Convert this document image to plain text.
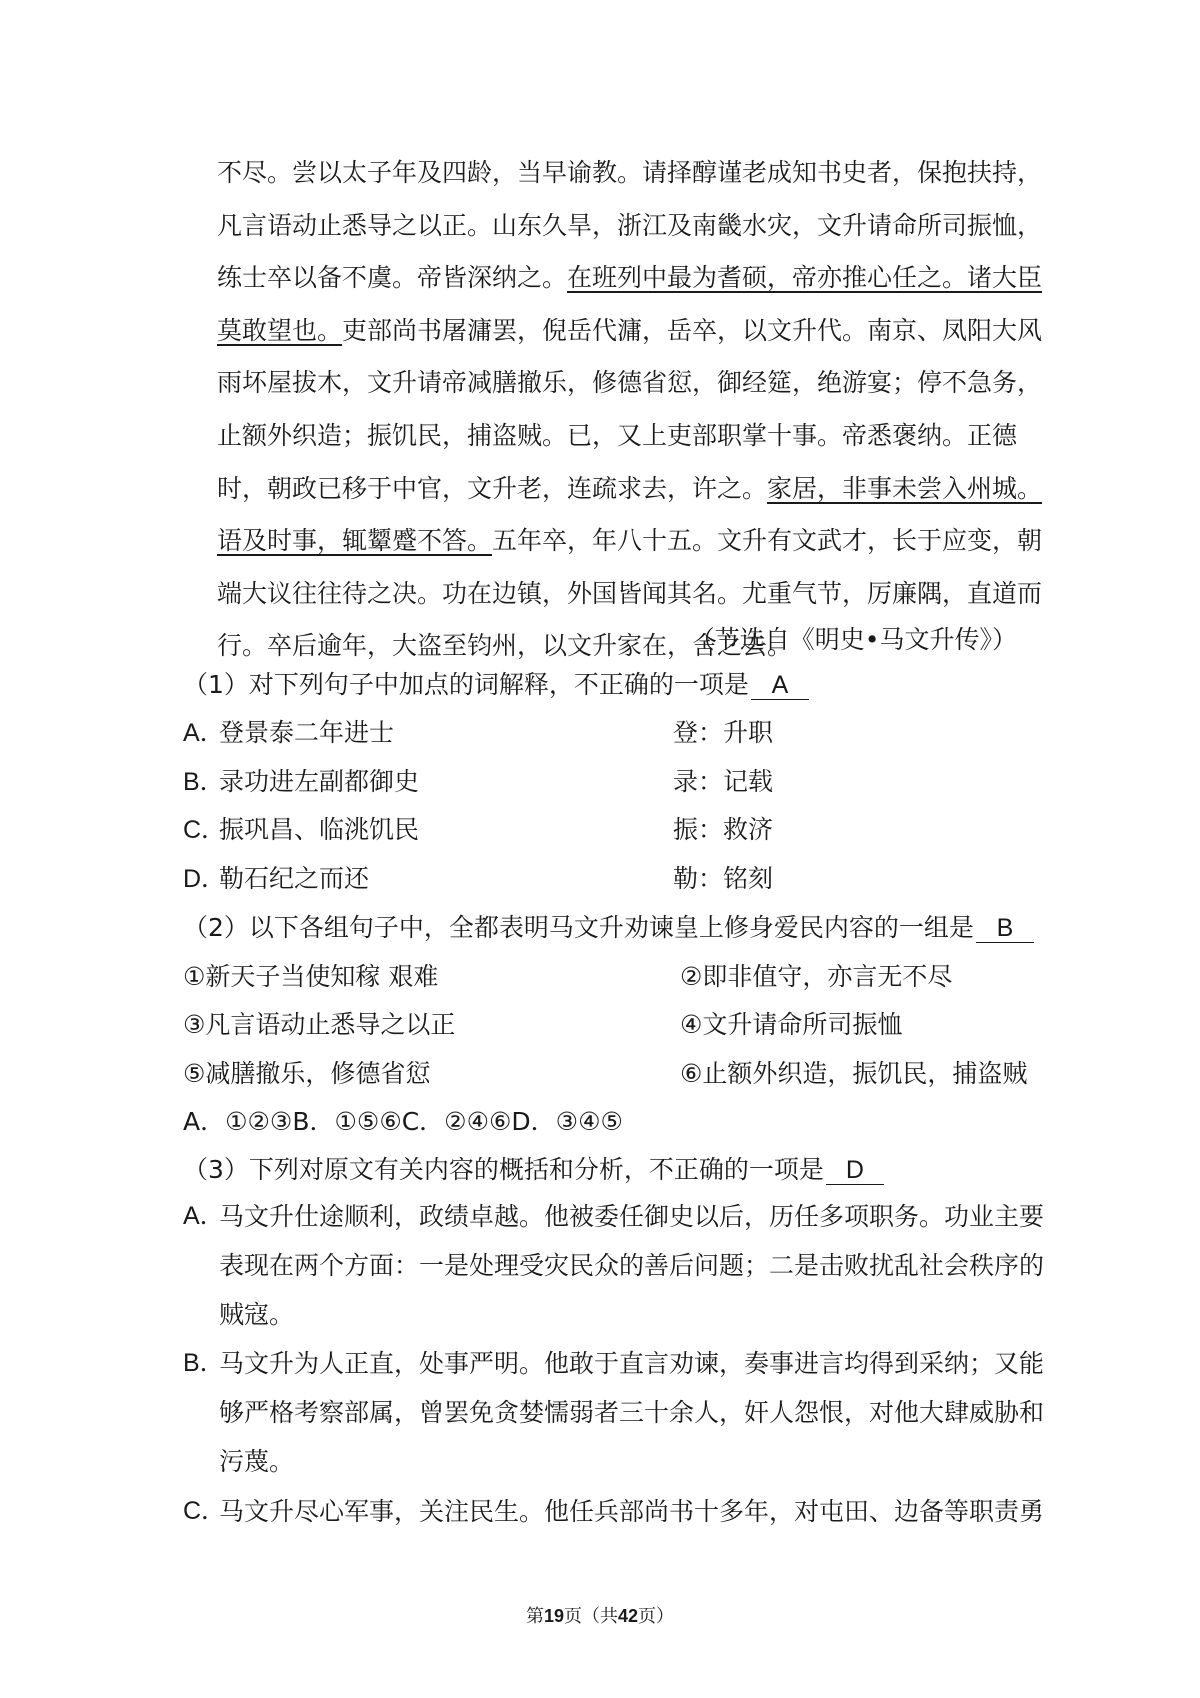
不尽。尝以太子年及四龄，当早谕教。请择醇谨老成知书史者，保抱扶持，
凡言语动止悉导之以正。山东久旱，浙江及南畿水灾，文升请命所司振恤，
练士卒以备不虞。帝皆深纳之。 在班列中最为耆硕，帝亦推心任之。诸大臣
莫敢望也。 吏部尚书屠滽罢，倪岳代滽，岳卒，以文升代。南京、凤阳大风
雨坏屋拔木，文升请帝减膳撤乐，修德省愆，御经筵，绝游宴；停不急务，
止额外织造；振饥民，捕盗贼。已，又上吏部职掌十事。帝悉褒纳。正德
时，朝政已移于中官，文升老，连疏求去，许之。 家居，非事未尝入州城。
语及时事，辄颦蹙不答。 五年卒，年八十五。文升有文武才，长于应变，朝
端大议往往待之决。功在边镇，外国皆闻其名。尤重气节，厉廉隅，直道而
行。卒后逾年，大盗至钧州，以文升家在，舍之去。
（节选自《明史•马文升传》）
（1）对下列句子中加点的词解释，不正确的一项是 A
A．登景泰二年进士	登：升职
B．录功进左副都御史	录：记载
C．振巩昌、临洮饥民	振：救济
D．勒石纪之而还	勒：铭刻
（2）以下各组句子中，全都表明马文升劝谏皇上修身爱民内容的一组是 B
①新天子当使知稼 艰难	②即非值守，亦言无不尽
③凡言语动止悉导之以正	④文升请命所司振恤
⑤减膳撤乐，修德省愆	⑥止额外织造，振饥民，捕盗贼
A．①②③B．①⑤⑥C．②④⑥D．③④⑤
（3）下列对原文有关内容的概括和分析，不正确的一项是 D
A．
马文升仕途顺利，政绩卓越。他被委任御史以后，历任多项职务。功业主要
表现在两个方面：一是处理受灾民众的善后问题；二是击败扰乱社会秩序的
贼寇。
B．
马文升为人正直，处事严明。他敢于直言劝谏，奏事进言均得到采纳；又能
够严格考察部属，曾罢免贪婪懦弱者三十余人，奸人怨恨，对他大肆威胁和
污蔑。
C．
马文升尽心军事，关注民生。他任兵部尚书十多年，对屯田、边备等职责勇
第19页（共42页）
